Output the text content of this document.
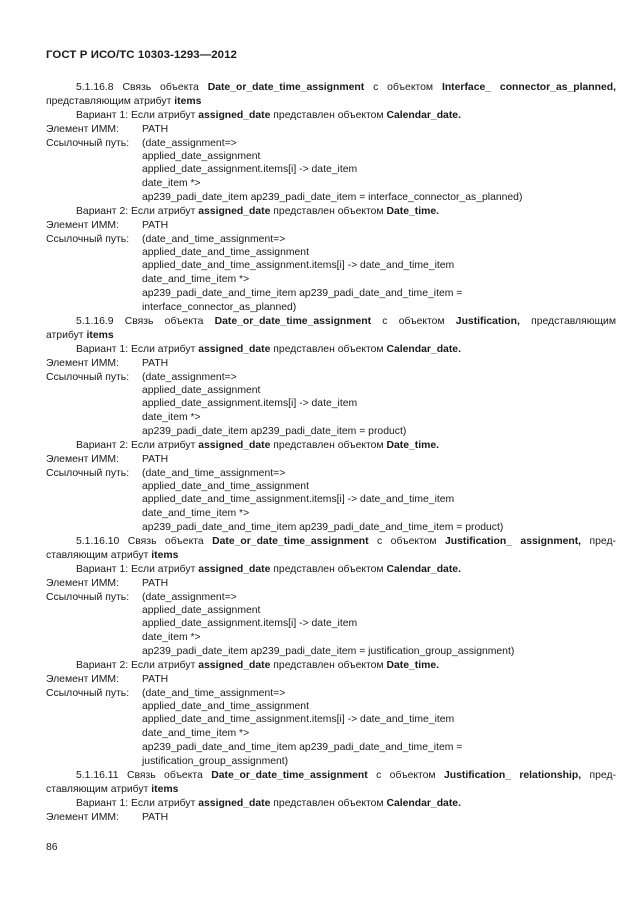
ГОСТ Р ИСО/ТС 10303-1293—2012
5.1.16.8 Связь объекта Date_or_date_time_assignment с объектом Interface_ connector_as_planned,
представляющим атрибут items
Вариант 1: Если атрибут assigned_date представлен объектом Calendar_date.
Элемент ИММ: PATH
Ссылочный путь: (date_assignment=>
applied_date_assignment
applied_date_assignment.items[i] -> date_item
date_item *>
ap239_padi_date_item ap239_padi_date_item = interface_connector_as_planned)
Вариант 2: Если атрибут assigned_date представлен объектом Date_time.
Элемент ИММ: PATH
Ссылочный путь: (date_and_time_assignment=>
applied_date_and_time_assignment
applied_date_and_time_assignment.items[i] -> date_and_time_item
date_and_time_item *>
ap239_padi_date_and_time_item ap239_padi_date_and_time_item =
interface_connector_as_planned)
5.1.16.9 Связь объекта Date_or_date_time_assignment с объектом Justification, представляющим
атрибут items
Вариант 1: Если атрибут assigned_date представлен объектом Calendar_date.
Элемент ИММ: PATH
Ссылочный путь: (date_assignment=>
applied_date_assignment
applied_date_assignment.items[i] -> date_item
date_item *>
ap239_padi_date_item ap239_padi_date_item = product)
Вариант 2: Если атрибут assigned_date представлен объектом Date_time.
Элемент ИММ: PATH
Ссылочный путь: (date_and_time_assignment=>
applied_date_and_time_assignment
applied_date_and_time_assignment.items[i] -> date_and_time_item
date_and_time_item *>
ap239_padi_date_and_time_item ap239_padi_date_and_time_item = product)
5.1.16.10 Связь объекта Date_or_date_time_assignment с объектом Justification_ assignment, пред-
ставляющим атрибут items
Вариант 1: Если атрибут assigned_date представлен объектом Calendar_date.
Элемент ИММ: PATH
Ссылочный путь: (date_assignment=>
applied_date_assignment
applied_date_assignment.items[i] -> date_item
date_item *>
ap239_padi_date_item ap239_padi_date_item = justification_group_assignment)
Вариант 2: Если атрибут assigned_date представлен объектом Date_time.
Элемент ИММ: PATH
Ссылочный путь: (date_and_time_assignment=>
applied_date_and_time_assignment
applied_date_and_time_assignment.items[i] -> date_and_time_item
date_and_time_item *>
ap239_padi_date_and_time_item ap239_padi_date_and_time_item =
justification_group_assignment)
5.1.16.11 Связь объекта Date_or_date_time_assignment с объектом Justification_ relationship, пред-
ставляющим атрибут items
Вариант 1: Если атрибут assigned_date представлен объектом Calendar_date.
Элемент ИММ: PATH
86
